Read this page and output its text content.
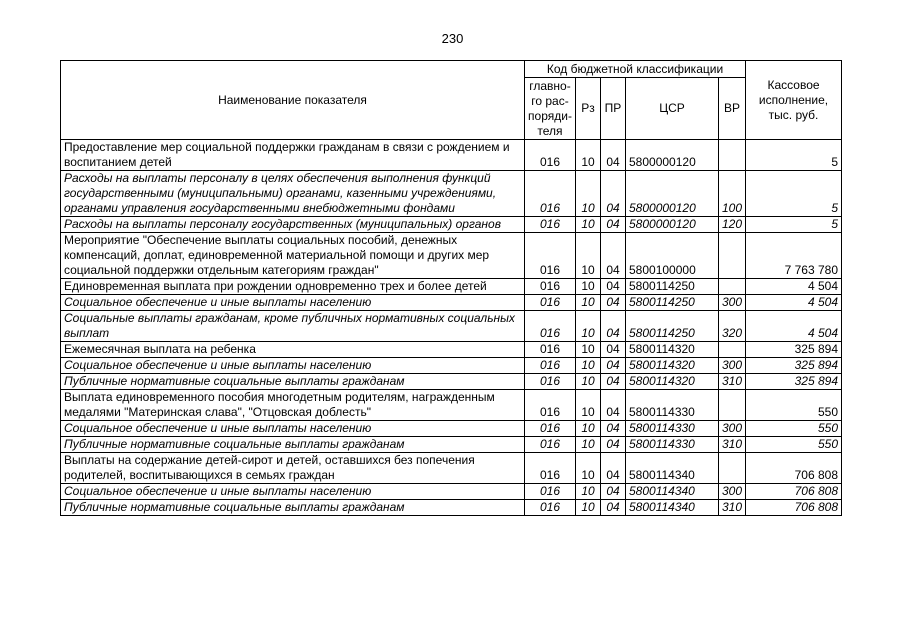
230
Наименование показателя	Код бюджетной классификации					Кассовое исполнение, тыс. руб.
	главно-го рас-поряди-теля	Рз	ПР	ЦСР	ВР	
Предоставление мер социальной поддержки гражданам в связи с рождением и воспитанием детей	016	10	04	5800000120		5
Расходы на выплаты персоналу в целях обеспечения выполнения функций государственными (муниципальными) органами, казенными учреждениями, органами управления государственными внебюджетными фондами	016	10	04	5800000120	100	5
Расходы на выплаты персоналу государственных (муниципальных) органов	016	10	04	5800000120	120	5
Мероприятие "Обеспечение выплаты социальных пособий, денежных компенсаций, доплат, единовременной материальной помощи и других мер социальной поддержки отдельным категориям граждан"	016	10	04	5800100000		7 763 780
Единовременная выплата при рождении одновременно трех и более детей	016	10	04	5800114250		4 504
Социальное обеспечение и иные выплаты населению	016	10	04	5800114250	300	4 504
Социальные выплаты гражданам, кроме публичных нормативных социальных выплат	016	10	04	5800114250	320	4 504
Ежемесячная выплата на ребенка	016	10	04	5800114320		325 894
Социальное обеспечение и иные выплаты населению	016	10	04	5800114320	300	325 894
Публичные нормативные социальные выплаты гражданам	016	10	04	5800114320	310	325 894
Выплата единовременного пособия многодетным родителям, награжденным медалями "Материнская слава", "Отцовская доблесть"	016	10	04	5800114330		550
Социальное обеспечение и иные выплаты населению	016	10	04	5800114330	300	550
Публичные нормативные социальные выплаты гражданам	016	10	04	5800114330	310	550
Выплаты на содержание детей-сирот и детей, оставшихся без попечения родителей, воспитывающихся в семьях граждан	016	10	04	5800114340		706 808
Социальное обеспечение и иные выплаты населению	016	10	04	5800114340	300	706 808
Публичные нормативные социальные выплаты гражданам	016	10	04	5800114340	310	706 808
